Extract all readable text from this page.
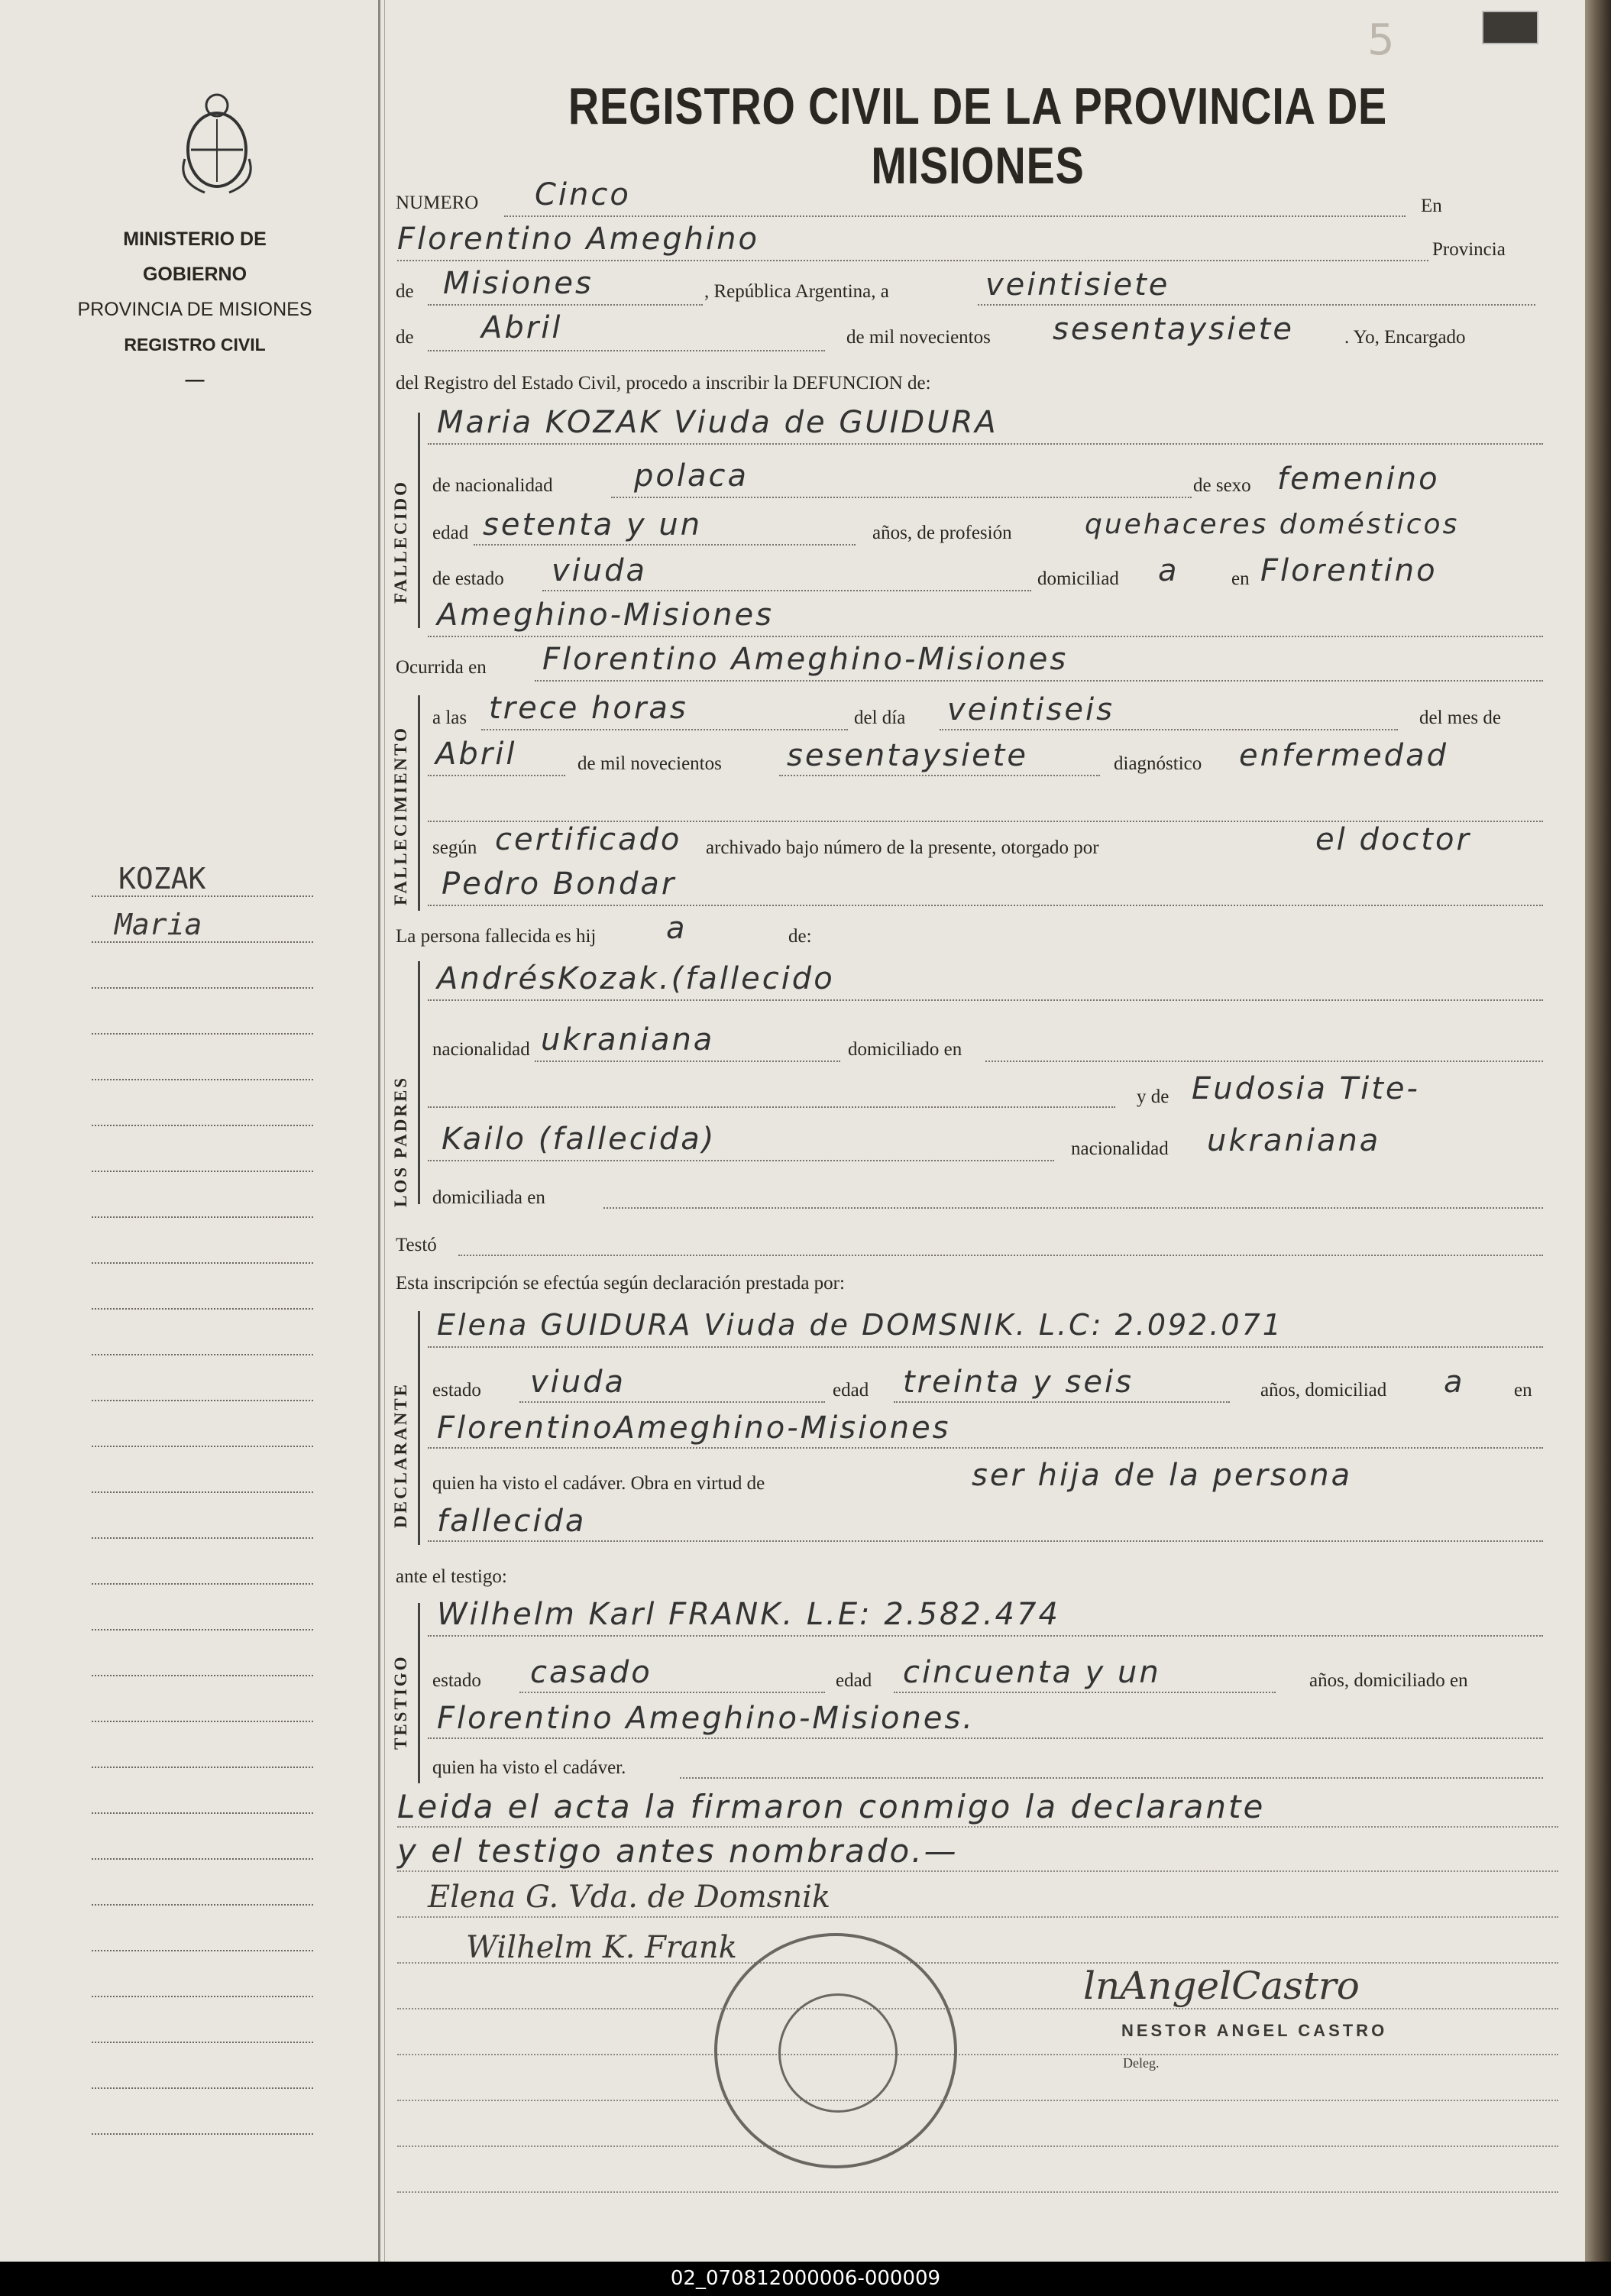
5
MINISTERIO DE GOBIERNO
PROVINCIA DE MISIONES
REGISTRO CIVIL
—
REGISTRO CIVIL DE LA PROVINCIA DE MISIONES
KOZAK
Maria
NUMERO Cinco	En
Florentino Ameghino	Provincia
de Misiones	, República Argentina, a	veintisiete
de Abril	de mil novecientos sesentaysiete	. Yo, Encargado
del Registro del Estado Civil, procedo a inscribir la DEFUNCION de:
FALLECIDO
Maria KOZAK Viuda de GUIDURA
de nacionalidad	polaca	de sexo femenino
edad setenta y un	años, de profesión	quehaceres domésticos
de estado viuda	domiciliad a	en Florentino
Ameghino-Misiones
Ocurrida en Florentino Ameghino-Misiones
FALLECIMIENTO
a las trece horas	del día veintiseis	del mes de
Abril	de mil novecientos sesentaysiete	diagnóstico enfermedad
según certificado archivado bajo número de la presente, otorgado por	el doctor
Pedro Bondar
La persona fallecida es hij a	de:
LOS PADRES
AndrésKozak.(fallecido
nacionalidad ukraniana	domiciliado en
y de Eudosia Tite-
Kailo (fallecida)	nacionalidad ukraniana
domiciliada en
Testó
Esta inscripción se efectúa según declaración prestada por:
DECLARANTE
Elena GUIDURA Viuda de DOMSNIK. L.C: 2.092.071
estado viuda	edad treinta y seis	años, domiciliad a	en
FlorentinoAmeghino-Misiones
quien ha visto el cadáver. Obra en virtud de	ser hija de la persona
fallecida
ante el testigo:
TESTIGO
Wilhelm Karl FRANK. L.E: 2.582.474
estado casado	edad cincuenta y un	años, domiciliado en
Florentino Ameghino-Misiones.
quien ha visto el cadáver.
Leida el acta la firmaron conmigo la declarante
y el testigo antes nombrado.—
Elena G. Vda. de Domsnik
Wilhelm K. Frank
lnAngelCastro
NESTOR ANGEL CASTRO
Deleg.
02_070812000006-000009
